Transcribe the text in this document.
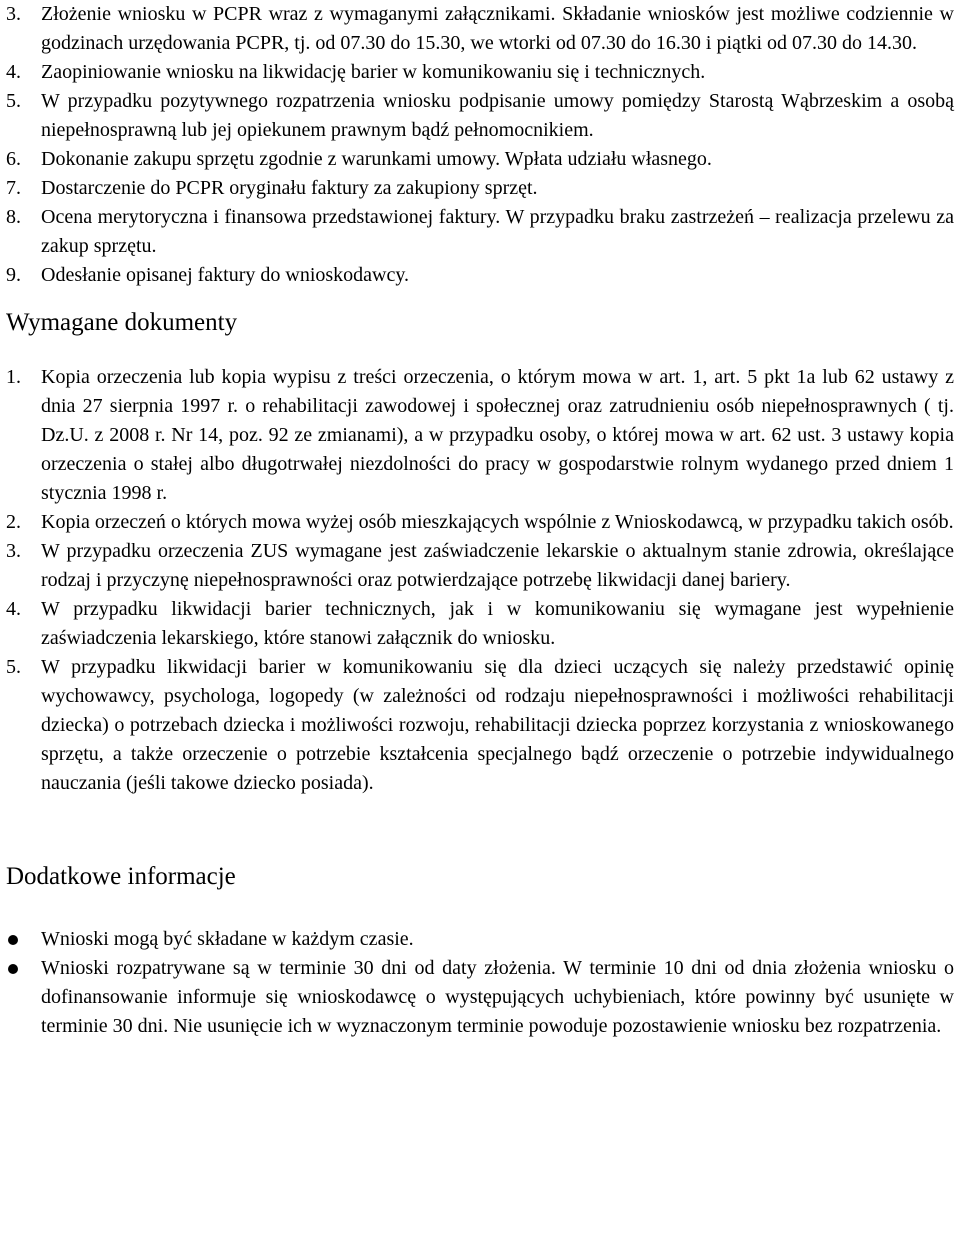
3. Złożenie wniosku w PCPR wraz z wymaganymi załącznikami. Składanie wniosków jest możliwe codziennie w godzinach urzędowania PCPR, tj. od 07.30 do 15.30, we wtorki od 07.30 do 16.30 i piątki od 07.30 do 14.30.
4. Zaopiniowanie wniosku na likwidację barier w komunikowaniu się i technicznych.
5. W przypadku pozytywnego rozpatrzenia wniosku podpisanie umowy pomiędzy Starostą Wąbrzeskim a osobą niepełnosprawną lub jej opiekunem prawnym bądź pełnomocnikiem.
6. Dokonanie zakupu sprzętu zgodnie z warunkami umowy. Wpłata udziału własnego.
7. Dostarczenie do PCPR oryginału faktury za zakupiony sprzęt.
8. Ocena merytoryczna i finansowa przedstawionej faktury. W przypadku braku zastrzeżeń – realizacja przelewu za zakup sprzętu.
9. Odesłanie opisanej faktury do wnioskodawcy.
Wymagane dokumenty
1. Kopia orzeczenia lub kopia wypisu z treści orzeczenia, o którym mowa w art. 1, art. 5 pkt 1a lub 62 ustawy z dnia 27 sierpnia 1997 r. o rehabilitacji zawodowej i społecznej oraz zatrudnieniu osób niepełnosprawnych ( tj. Dz.U. z 2008 r. Nr 14, poz. 92 ze zmianami), a w przypadku osoby, o której mowa w art. 62 ust. 3 ustawy kopia orzeczenia o stałej albo długotrwałej niezdolności do pracy w gospodarstwie rolnym wydanego przed dniem 1 stycznia 1998 r.
2. Kopia orzeczeń o których mowa wyżej osób mieszkających wspólnie z Wnioskodawcą, w przypadku takich osób.
3. W przypadku orzeczenia ZUS wymagane jest zaświadczenie lekarskie o aktualnym stanie zdrowia, określające rodzaj i przyczynę niepełnosprawności oraz potwierdzające potrzebę likwidacji danej bariery.
4. W przypadku likwidacji barier technicznych, jak i w komunikowaniu się wymagane jest wypełnienie zaświadczenia lekarskiego, które stanowi załącznik do wniosku.
5. W przypadku likwidacji barier w komunikowaniu się dla dzieci uczących się należy przedstawić opinię wychowawcy, psychologa, logopedy (w zależności od rodzaju niepełnosprawności i możliwości rehabilitacji dziecka) o potrzebach dziecka i możliwości rozwoju, rehabilitacji dziecka poprzez korzystania z wnioskowanego sprzętu, a także orzeczenie o potrzebie kształcenia specjalnego bądź orzeczenie o potrzebie indywidualnego nauczania (jeśli takowe dziecko posiada).
Dodatkowe informacje
Wnioski mogą być składane w każdym czasie.
Wnioski rozpatrywane są w terminie 30 dni od daty złożenia. W terminie 10 dni od dnia złożenia wniosku o dofinansowanie informuje się wnioskodawcę o występujących uchybieniach, które powinny być usunięte w terminie 30 dni. Nie usunięcie ich w wyznaczonym terminie powoduje pozostawienie wniosku bez rozpatrzenia.
